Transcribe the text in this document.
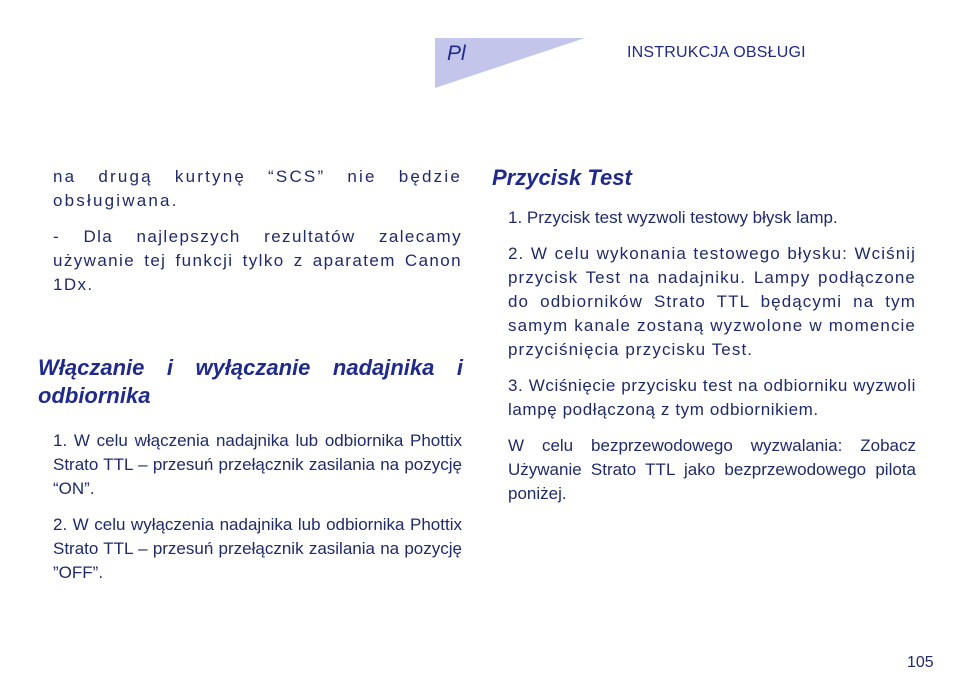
Pl	INSTRUKCJA OBSŁUGI

na drugą kurtynę “SCS” nie będzie obsługiwana.

- Dla najlepszych rezultatów zalecamy używanie tej funkcji tylko z aparatem Canon 1Dx.

Włączanie i wyłączanie nadajnika i odbiornika

1. W celu włączenia nadajnika lub odbiornika Phottix Strato TTL – przesuń przełącznik zasilania na pozycję “ON”.

2. W celu wyłączenia nadajnika lub odbiornika Phottix Strato TTL – przesuń przełącznik zasilania na pozycję ”OFF”.

Przycisk Test

1. Przycisk test wyzwoli testowy błysk lamp.

2. W celu wykonania testowego błysku: Wciśnij przycisk Test na nadajniku. Lampy podłączone do odbiorników Strato TTL będącymi na tym samym kanale zostaną wyzwolone w momencie przyciśnięcia przycisku Test.

3. Wciśnięcie przycisku test na odbiorniku wyzwoli lampę podłączoną z tym odbiornikiem.

W celu bezprzewodowego wyzwalania: Zobacz Używanie Strato TTL jako bezprzewodowego pilota poniżej.

105
